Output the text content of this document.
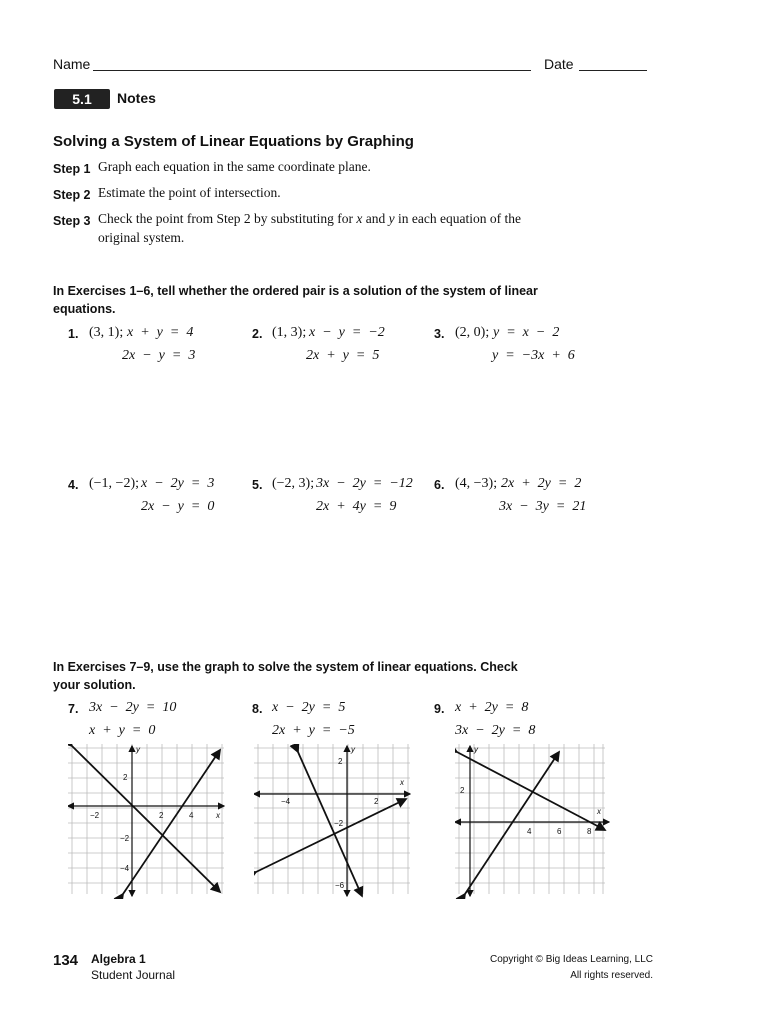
Name	Date
5.1	Notes
Solving a System of Linear Equations by Graphing
Step 1 Graph each equation in the same coordinate plane.
Step 2 Estimate the point of intersection.
Step 3 Check the point from Step 2 by substituting for x and y in each equation of the
original system.
In Exercises 1–6, tell whether the ordered pair is a solution of the system of linear
equations.
1. (3, 1); x  +  y  =  4
2x  −  y  =  3
2. (1, 3); x  −  y  =  −2
2x  +  y  =  5
3. (2, 0); y  =  x  −  2
y  =  −3x  +  6
4. (−1, −2); x  −  2y  =  3
2x  −  y  =  0
5. (−2, 3); 3x  −  2y  =  −12
2x  +  4y  =  9
6. (4, −3); 2x  +  2y  =  2
3x  −  3y  =  21
In Exercises 7–9, use the graph to solve the system of linear equations. Check
your solution.
7. 3x  −  2y  =  10
x  +  y  =  0
8. x  −  2y  =  5
2x  +  y  =  −5
9. x  +  2y  =  8
3x  −  2y  =  8
y
x
2
−2	2	4
−2
−4
y
x
2
−4	2
−2
−6
y
x
2
4	6	8
134 Algebra 1
Student Journal
Copyright © Big Ideas Learning, LLC
All rights reserved.
